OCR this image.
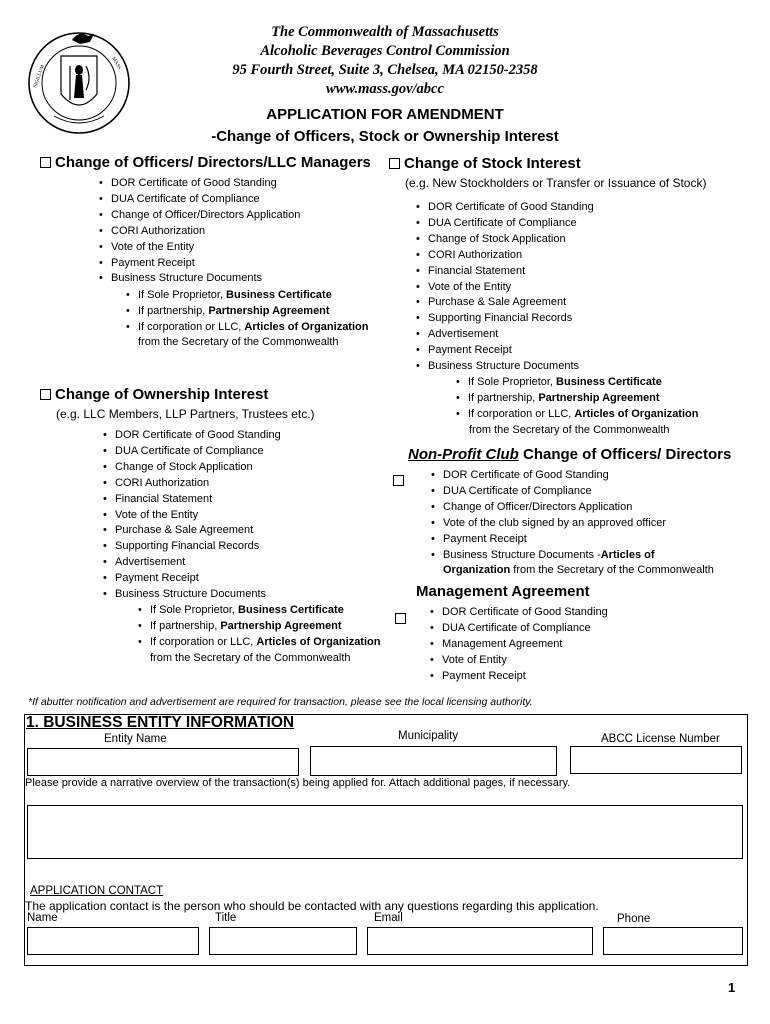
SIGILLUM
MASS
The Commonwealth of Massachusetts
Alcoholic Beverages Control Commission
95 Fourth Street, Suite 3, Chelsea, MA 02150-2358
www.mass.gov/abcc
APPLICATION FOR AMENDMENT
-Change of Officers, Stock or Ownership Interest
Change of Officers/ Directors/LLC Managers
• DOR Certificate of Good Standing
• DUA Certificate of Compliance
• Change of Officer/Directors Application
• CORI Authorization
• Vote of the Entity
• Payment Receipt
• Business Structure Documents
• If Sole Proprietor, Business Certificate
• If partnership, Partnership Agreement
• If corporation or LLC, Articles of Organization
from the Secretary of the Commonwealth
Change of Stock Interest
(e.g. New Stockholders or Transfer or Issuance of Stock)
• DOR Certificate of Good Standing
• DUA Certificate of Compliance
• Change of Stock Application
• CORI Authorization
• Financial Statement
• Vote of the Entity
• Purchase & Sale Agreement
• Supporting Financial Records
• Advertisement
• Payment Receipt
• Business Structure Documents
• If Sole Proprietor, Business Certificate
• If partnership, Partnership Agreement
• If corporation or LLC, Articles of Organization
from the Secretary of the Commonwealth
Change of Ownership Interest
(e.g. LLC Members, LLP Partners, Trustees etc.)
• DOR Certificate of Good Standing
• DUA Certificate of Compliance
• Change of Stock Application
• CORI Authorization
• Financial Statement
• Vote of the Entity
• Purchase & Sale Agreement
• Supporting Financial Records
• Advertisement
• Payment Receipt
• Business Structure Documents
• If Sole Proprietor, Business Certificate
• If partnership, Partnership Agreement
• If corporation or LLC, Articles of Organization
from the Secretary of the Commonwealth
Non-Profit Club Change of Officers/ Directors
• DOR Certificate of Good Standing
• DUA Certificate of Compliance
• Change of Officer/Directors Application
• Vote of the club signed by an approved officer
• Payment Receipt
• Business Structure Documents -Articles of
Organization from the Secretary of the Commonwealth
Management Agreement
• DOR Certificate of Good Standing
• DUA Certificate of Compliance
• Management Agreement
• Vote of Entity
• Payment Receipt
*If abutter notification and advertisement are required for transaction, please see the local licensing authority.
1. BUSINESS ENTITY INFORMATION
Entity Name	Municipality	ABCC License Number
Please provide a narrative overview of the transaction(s) being applied for. Attach additional pages, if necessary.
APPLICATION CONTACT
The application contact is the person who should be contacted with any questions regarding this application.
Name	Title	Email	Phone
1
